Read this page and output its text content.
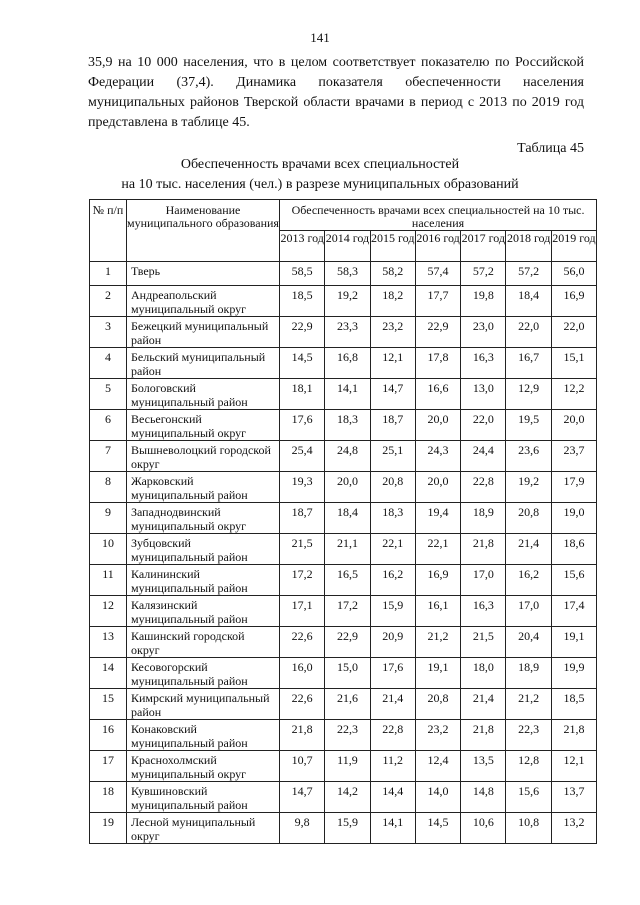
141

35,9 на 10 000 населения, что в целом соответствует показателю по Российской Федерации (37,4). Динамика показателя обеспеченности населения муниципальных районов Тверской области врачами в период с 2013 по 2019 год представлена в таблице 45.

Таблица 45
Обеспеченность врачами всех специальностей
на 10 тыс. населения (чел.) в разрезе муниципальных образований
№ п/п	Наименование муниципального образования	Обеспеченность врачами всех специальностей на 10 тыс. населения						
		2013 год	2014 год	2015 год	2016 год	2017 год	2018 год	2019 год
1	Тверь	58,5	58,3	58,2	57,4	57,2	57,2	56,0
2	Андреапольский муниципальный округ	18,5	19,2	18,2	17,7	19,8	18,4	16,9
3	Бежецкий муниципальный район	22,9	23,3	23,2	22,9	23,0	22,0	22,0
4	Бельский муниципальный район	14,5	16,8	12,1	17,8	16,3	16,7	15,1
5	Бологовский муниципальный район	18,1	14,1	14,7	16,6	13,0	12,9	12,2
6	Весьегонский муниципальный округ	17,6	18,3	18,7	20,0	22,0	19,5	20,0
7	Вышневолоцкий городской округ	25,4	24,8	25,1	24,3	24,4	23,6	23,7
8	Жарковский муниципальный район	19,3	20,0	20,8	20,0	22,8	19,2	17,9
9	Западнодвинский муниципальный округ	18,7	18,4	18,3	19,4	18,9	20,8	19,0
10	Зубцовский муниципальный район	21,5	21,1	22,1	22,1	21,8	21,4	18,6
11	Калининский муниципальный район	17,2	16,5	16,2	16,9	17,0	16,2	15,6
12	Калязинский муниципальный район	17,1	17,2	15,9	16,1	16,3	17,0	17,4
13	Кашинский городской округ	22,6	22,9	20,9	21,2	21,5	20,4	19,1
14	Кесовогорский муниципальный район	16,0	15,0	17,6	19,1	18,0	18,9	19,9
15	Кимрский муниципальный район	22,6	21,6	21,4	20,8	21,4	21,2	18,5
16	Конаковский муниципальный район	21,8	22,3	22,8	23,2	21,8	22,3	21,8
17	Краснохолмский муниципальный округ	10,7	11,9	11,2	12,4	13,5	12,8	12,1
18	Кувшиновский муниципальный район	14,7	14,2	14,4	14,0	14,8	15,6	13,7
19	Лесной муниципальный округ	9,8	15,9	14,1	14,5	10,6	10,8	13,2
